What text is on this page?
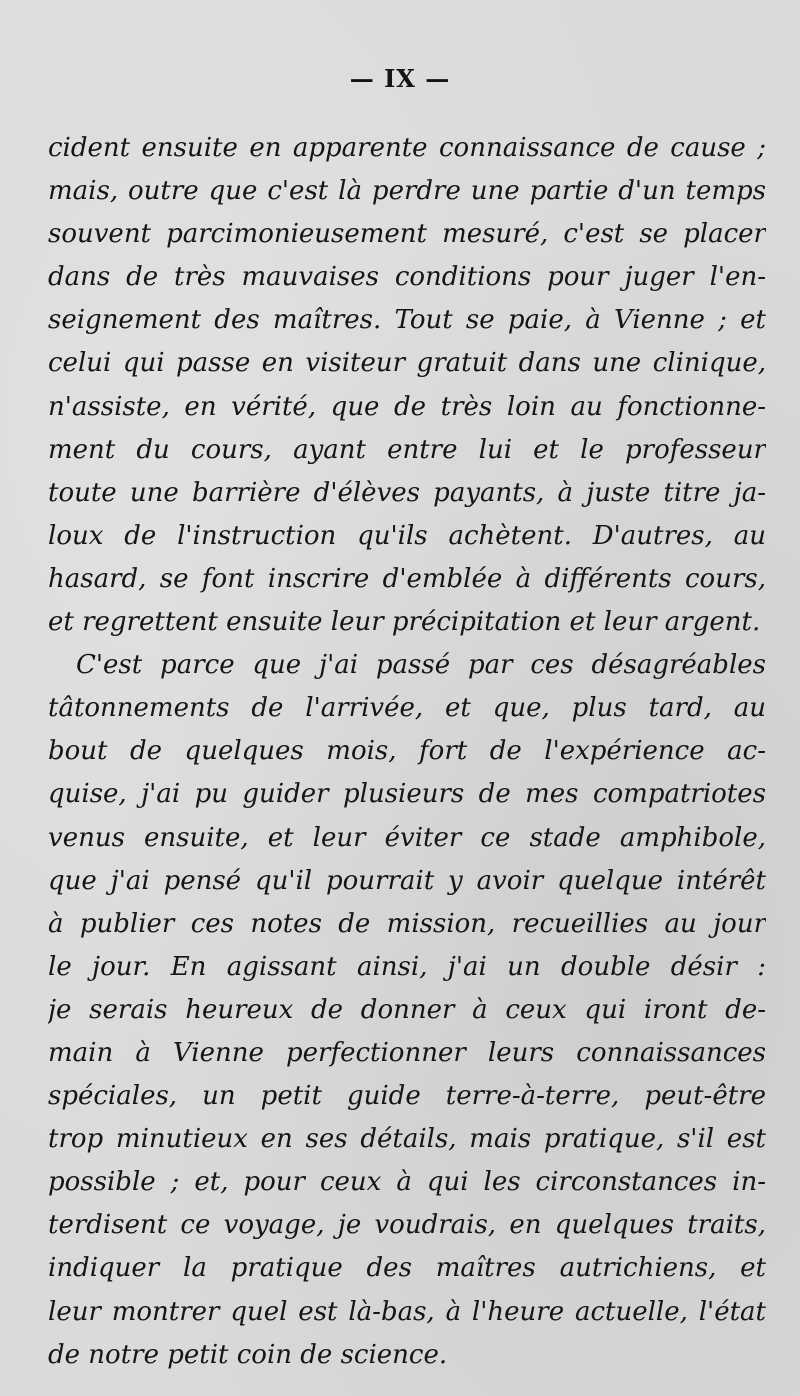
— IX —
cident ensuite en apparente connaissance de cause ;
mais, outre que c'est là perdre une partie d'un temps
souvent parcimonieusement mesuré, c'est se placer
dans de très mauvaises conditions pour juger l'en-
seignement des maîtres. Tout se paie, à Vienne ; et
celui qui passe en visiteur gratuit dans une clinique,
n'assiste, en vérité, que de très loin au fonctionne-
ment du cours, ayant entre lui et le professeur
toute une barrière d'élèves payants, à juste titre ja-
loux de l'instruction qu'ils achètent. D'autres, au
hasard, se font inscrire d'emblée à différents cours,
et regrettent ensuite leur précipitation et leur argent.
C'est parce que j'ai passé par ces désagréables
tâtonnements de l'arrivée, et que, plus tard, au
bout de quelques mois, fort de l'expérience ac-
quise, j'ai pu guider plusieurs de mes compatriotes
venus ensuite, et leur éviter ce stade amphibole,
que j'ai pensé qu'il pourrait y avoir quelque intérêt
à publier ces notes de mission, recueillies au jour
le jour. En agissant ainsi, j'ai un double désir :
je serais heureux de donner à ceux qui iront de-
main à Vienne perfectionner leurs connaissances
spéciales, un petit guide terre-à-terre, peut-être
trop minutieux en ses détails, mais pratique, s'il est
possible ; et, pour ceux à qui les circonstances in-
terdisent ce voyage, je voudrais, en quelques traits,
indiquer la pratique des maîtres autrichiens, et
leur montrer quel est là-bas, à l'heure actuelle, l'état
de notre petit coin de science.
